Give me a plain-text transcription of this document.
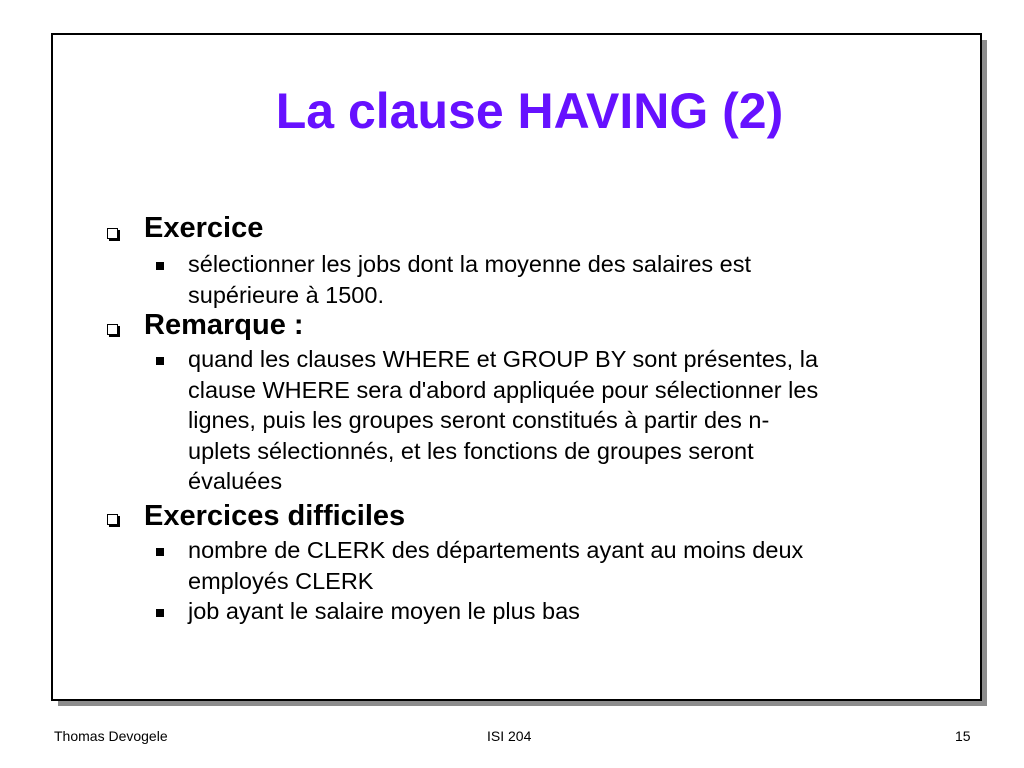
La clause HAVING (2)
Exercice
sélectionner les jobs dont la moyenne des salaires est
supérieure à 1500.
Remarque :
quand les clauses WHERE et GROUP BY sont présentes, la
clause WHERE sera d'abord appliquée pour sélectionner les
lignes, puis les groupes seront constitués à partir des n-
uplets sélectionnés, et les fonctions de groupes seront
évaluées
Exercices difficiles
nombre de CLERK des départements ayant au moins deux
employés CLERK
job ayant le salaire moyen le plus bas
Thomas Devogele	ISI 204	15
